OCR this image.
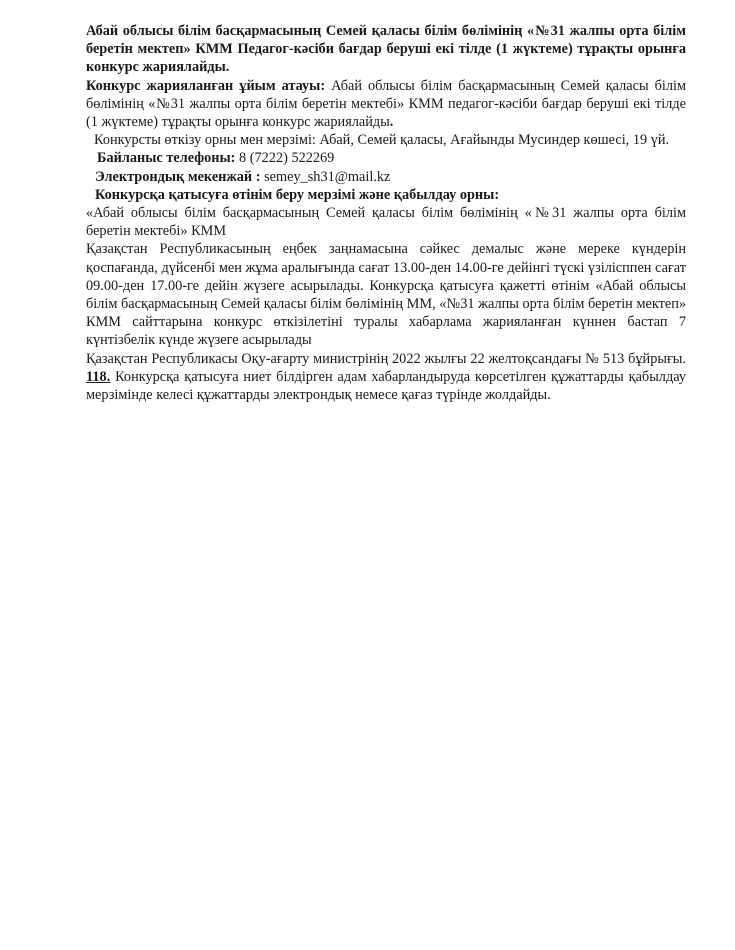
Абай облысы білім басқармасының Семей қаласы білім бөлімінің «№31 жалпы орта білім беретін мектеп» КММ Педагог-кәсіби бағдар беруші екі тілде (1 жүктеме) тұрақты орынға конкурс жариялайды.

Конкурс жарияланған ұйым атауы: Абай облысы білім басқармасының Семей қаласы білім бөлімінің «№31 жалпы орта білім беретін мектебі» КММ педагог-кәсіби бағдар беруші екі тілде (1 жүктеме) тұрақты орынға конкурс жариялайды.

Конкурсты өткізу орны мен мерзімі: Абай, Семей қаласы, Ағайынды Мусиндер көшесі, 19 үй.

Байланыс телефоны: 8 (7222) 522269

Электрондық мекенжай : semey_sh31@mail.kz

Конкурсқа қатысуға өтінім беру мерзімі және қабылдау орны:

«Абай облысы білім басқармасының Семей қаласы білім бөлімінің «№31 жалпы орта білім беретін мектебі» КММ

Қазақстан Республикасының еңбек заңнамасына сәйкес демалыс және мереке күндерін қоспағанда, дүйсенбі мен жұма аралығында сағат 13.00-ден 14.00-ге дейінгі түскі үзілісппен сағат 09.00-ден 17.00-ге дейін жүзеге асырылады. Конкурсқа қатысуға қажетті өтінім «Абай облысы білім басқармасының Семей қаласы білім бөлімінің ММ, «№31 жалпы орта білім беретін мектеп» КММ сайттарына конкурс өткізілетіні туралы хабарлама жарияланған күннен бастап 7 күнтізбелік күнде жүзеге асырылады

Қазақстан Республикасы Оқу-ағарту министрінің 2022 жылғы 22 желтоқсандағы № 513 бұйрығы. 118. Конкурсқа қатысуға ниет білдірген адам хабарландыруда көрсетілген құжаттарды қабылдау мерзімінде келесі құжаттарды электрондық немесе қағаз түрінде жолдайды.
